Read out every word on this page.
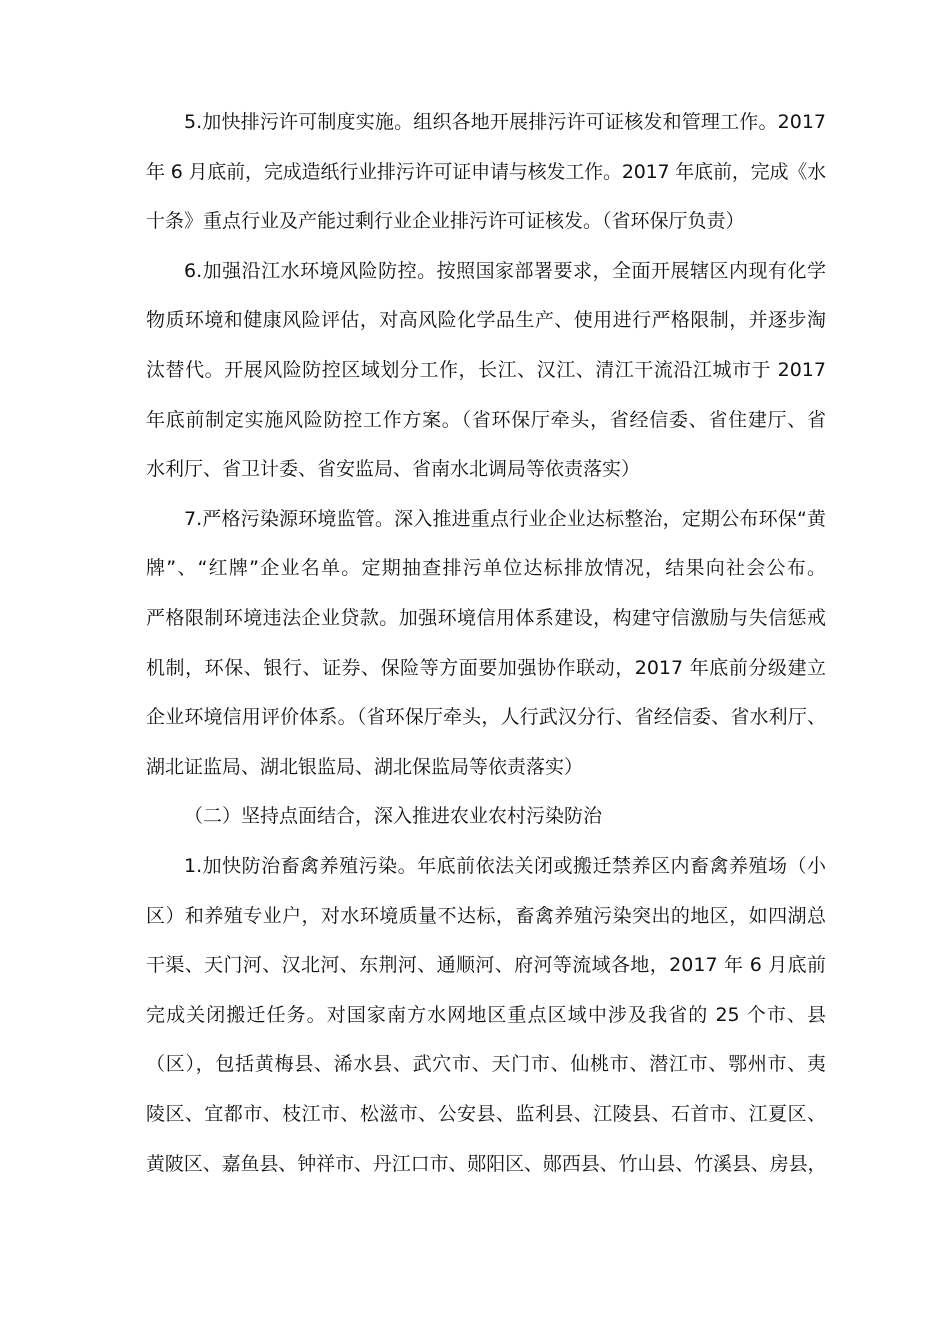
5.加快排污许可制度实施。组织各地开展排污许可证核发和管理工作。2017
年 6 月底前，完成造纸行业排污许可证申请与核发工作。2017 年底前，完成《水
十条》重点行业及产能过剩行业企业排污许可证核发。（省环保厅负责）
6.加强沿江水环境风险防控。按照国家部署要求，全面开展辖区内现有化学
物质环境和健康风险评估，对高风险化学品生产、使用进行严格限制，并逐步淘
汰替代。开展风险防控区域划分工作，长江、汉江、清江干流沿江城市于 2017
年底前制定实施风险防控工作方案。（省环保厅牵头，省经信委、省住建厅、省
水利厅、省卫计委、省安监局、省南水北调局等依责落实）
7.严格污染源环境监管。深入推进重点行业企业达标整治，定期公布环保“黄
牌”、“红牌”企业名单。定期抽查排污单位达标排放情况，结果向社会公布。
严格限制环境违法企业贷款。加强环境信用体系建设，构建守信激励与失信惩戒
机制，环保、银行、证券、保险等方面要加强协作联动，2017 年底前分级建立
企业环境信用评价体系。（省环保厅牵头，人行武汉分行、省经信委、省水利厅、
湖北证监局、湖北银监局、湖北保监局等依责落实）
（二）坚持点面结合，深入推进农业农村污染防治
1.加快防治畜禽养殖污染。年底前依法关闭或搬迁禁养区内畜禽养殖场（小
区）和养殖专业户，对水环境质量不达标，畜禽养殖污染突出的地区，如四湖总
干渠、天门河、汉北河、东荆河、通顺河、府河等流域各地，2017 年 6 月底前
完成关闭搬迁任务。对国家南方水网地区重点区域中涉及我省的 25 个市、县
（区），包括黄梅县、浠水县、武穴市、天门市、仙桃市、潜江市、鄂州市、夷
陵区、宜都市、枝江市、松滋市、公安县、监利县、江陵县、石首市、江夏区、
黄陂区、嘉鱼县、钟祥市、丹江口市、郧阳区、郧西县、竹山县、竹溪县、房县，
